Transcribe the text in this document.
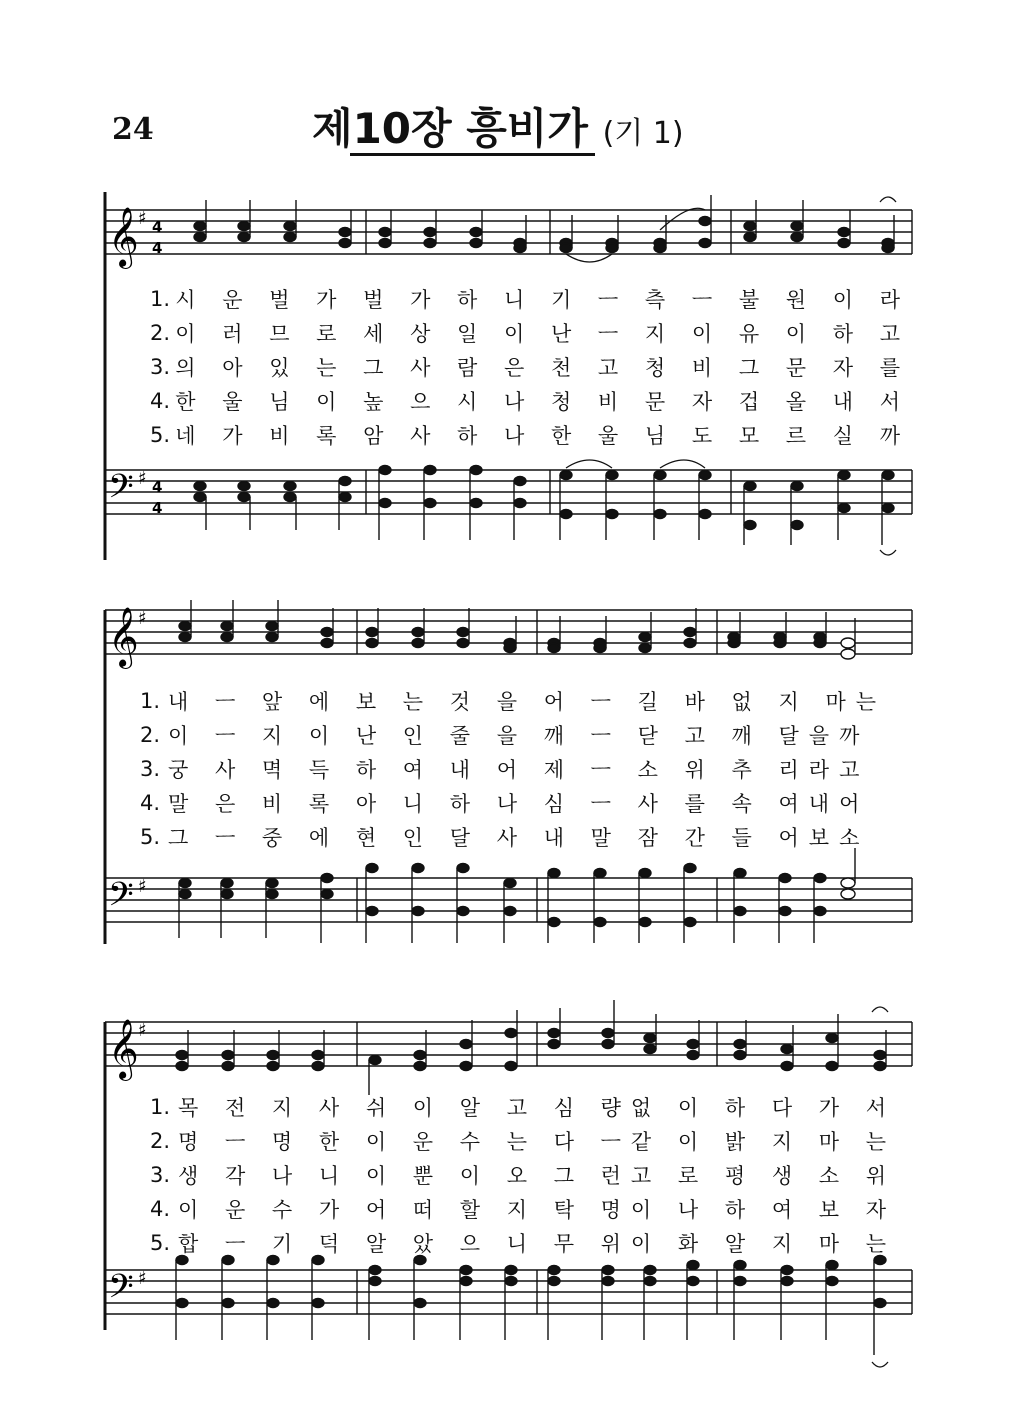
24	제10장 흥비가 (기 1)
𝄞
𝄢
♯
♯
4
4
4
4
1. 시 운 벌 가 벌 가 하 니 기 ㅡ 측 ㅡ 불 원 이 라
2. 이 러 므 로 세 상 일 이 난 ㅡ 지 이 유 이 하 고
3. 의 아 있 는 그 사 람 은 천 고 청 비 그 문 자 를
4. 한 울 님 이 높 으 시 나 청 비 문 자 겁 올 내 서
5. 네 가 비 록 암 사 하 나 한 울 님 도 모 르 실 까
𝄞
𝄢
♯
♯
1. 내 ㅡ 앞 에 보 는 것 을 어 ㅡ 길 바 없 지 마는
2. 이 ㅡ 지 이 난 인 줄 을 깨 ㅡ 닫 고 깨 달을까
3. 궁 사 멱 득 하 여 내 어 제 ㅡ 소 위 추 리라고
4. 말 은 비 록 아 니 하 나 심 ㅡ 사 를 속 여내어
5. 그 ㅡ 중 에 현 인 달 사 내 말 잠 간 들 어보소
𝄞
𝄢
♯
♯
1. 목 전 지 사 쉬 이 알 고 심 량없 이 하 다 가 서
2. 명 ㅡ 명 한 이 운 수 는 다 ㅡ같 이 밝 지 마 는
3. 생 각 나 니 이 뿐 이 오 그 런고 로 평 생 소 위
4. 이 운 수 가 어 떠 할 지 탁 명이 나 하 여 보 자
5. 합 ㅡ 기 덕 알 았 으 니 무 위이 화 알 지 마 는
